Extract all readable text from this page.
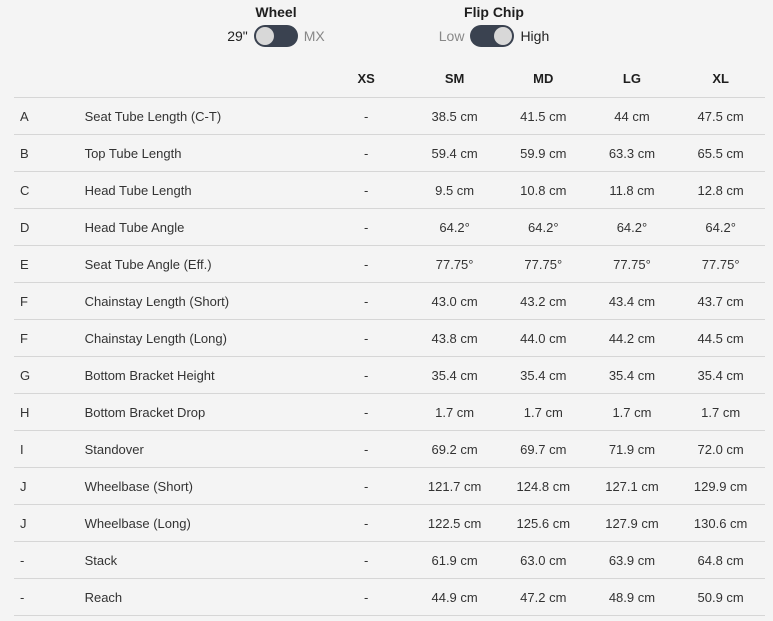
Wheel
29"	MX
Flip Chip
Low	High
		XS	SM	MD	LG	XL
A	Seat Tube Length (C-T)	-	38.5 cm	41.5 cm	44 cm	47.5 cm
B	Top Tube Length	-	59.4 cm	59.9 cm	63.3 cm	65.5 cm
C	Head Tube Length	-	9.5 cm	10.8 cm	11.8 cm	12.8 cm
D	Head Tube Angle	-	64.2°	64.2°	64.2°	64.2°
E	Seat Tube Angle (Eff.)	-	77.75°	77.75°	77.75°	77.75°
F	Chainstay Length (Short)	-	43.0 cm	43.2 cm	43.4 cm	43.7 cm
F	Chainstay Length (Long)	-	43.8 cm	44.0 cm	44.2 cm	44.5 cm
G	Bottom Bracket Height	-	35.4 cm	35.4 cm	35.4 cm	35.4 cm
H	Bottom Bracket Drop	-	1.7 cm	1.7 cm	1.7 cm	1.7 cm
I	Standover	-	69.2 cm	69.7 cm	71.9 cm	72.0 cm
J	Wheelbase (Short)	-	121.7 cm	124.8 cm	127.1 cm	129.9 cm
J	Wheelbase (Long)	-	122.5 cm	125.6 cm	127.9 cm	130.6 cm
-	Stack	-	61.9 cm	63.0 cm	63.9 cm	64.8 cm
-	Reach	-	44.9 cm	47.2 cm	48.9 cm	50.9 cm
